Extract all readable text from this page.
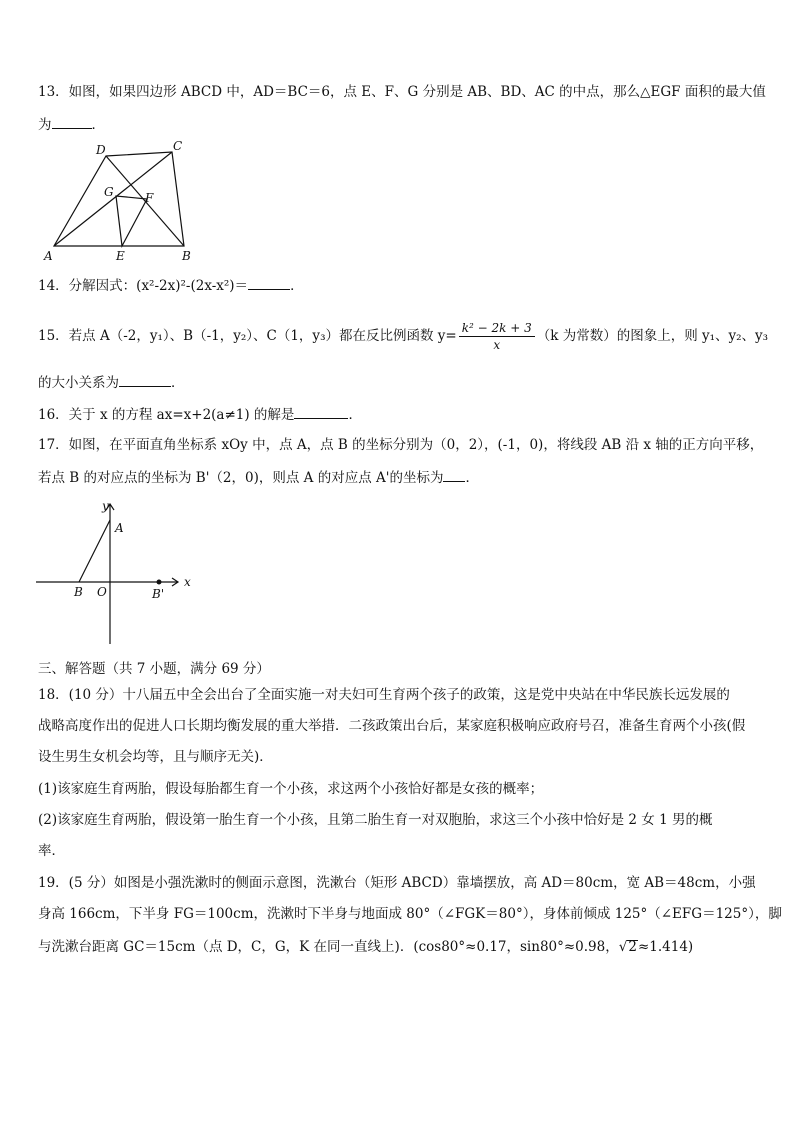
13．如图，如果四边形 ABCD 中，AD＝BC＝6，点 E、F、G 分别是 AB、BD、AC 的中点，那么△EGF 面积的最大值
为	．
A	B
C
D
E
F
G
14．分解因式：(x²-2x)²-(2x-x²)＝	．
15．若点 A（-2，y₁）、B（-1，y₂）、C（1，y₃）都在反比例函数 $y= \frac{\text{k² − 2k + 3}}{x} (k$ 为常数）的图象上，则 y₁、y₂、y₃
的大小关系为	．
16．关于 x 的方程 ax=x+2(a≠1) 的解是	．
17．如图，在平面直角坐标系 xOy 中，点 A，点 B 的坐标分别为（0，2），(-1，0)，将线段 AB 沿 x 轴的正方向平移，
若点 B 的对应点的坐标为 B'（2，0)，则点 A 的对应点 A'的坐标为 ．
y
x
A
B O	B'
三、解答题（共 7 小题，满分 69 分）
18．(10 分）十八届五中全会出台了全面实施一对夫妇可生育两个孩子的政策，这是党中央站在中华民族长远发展的
战略高度作出的促进人口长期均衡发展的重大举措．二孩政策出台后，某家庭积极响应政府号召，准备生育两个小孩(假
设生男生女机会均等，且与顺序无关)．
(1)该家庭生育两胎，假设每胎都生育一个小孩，求这两个小孩恰好都是女孩的概率；
(2)该家庭生育两胎，假设第一胎生育一个小孩，且第二胎生育一对双胞胎，求这三个小孩中恰好是 2 女 1 男的概
率．
19．(5 分）如图是小强洗漱时的侧面示意图，洗漱台（矩形 ABCD）靠墙摆放，高 AD＝80cm，宽 AB＝48cm，小强
身高 166cm，下半身 FG＝100cm，洗漱时下半身与地面成 80°（∠FGK＝80°），身体前倾成 125°（∠EFG＝125°），脚
与洗漱台距离 GC＝15cm（点 D，C，G，K 在同一直线上)．(cos80°≈0.17，sin80°≈0.98，√2≈1.414)
